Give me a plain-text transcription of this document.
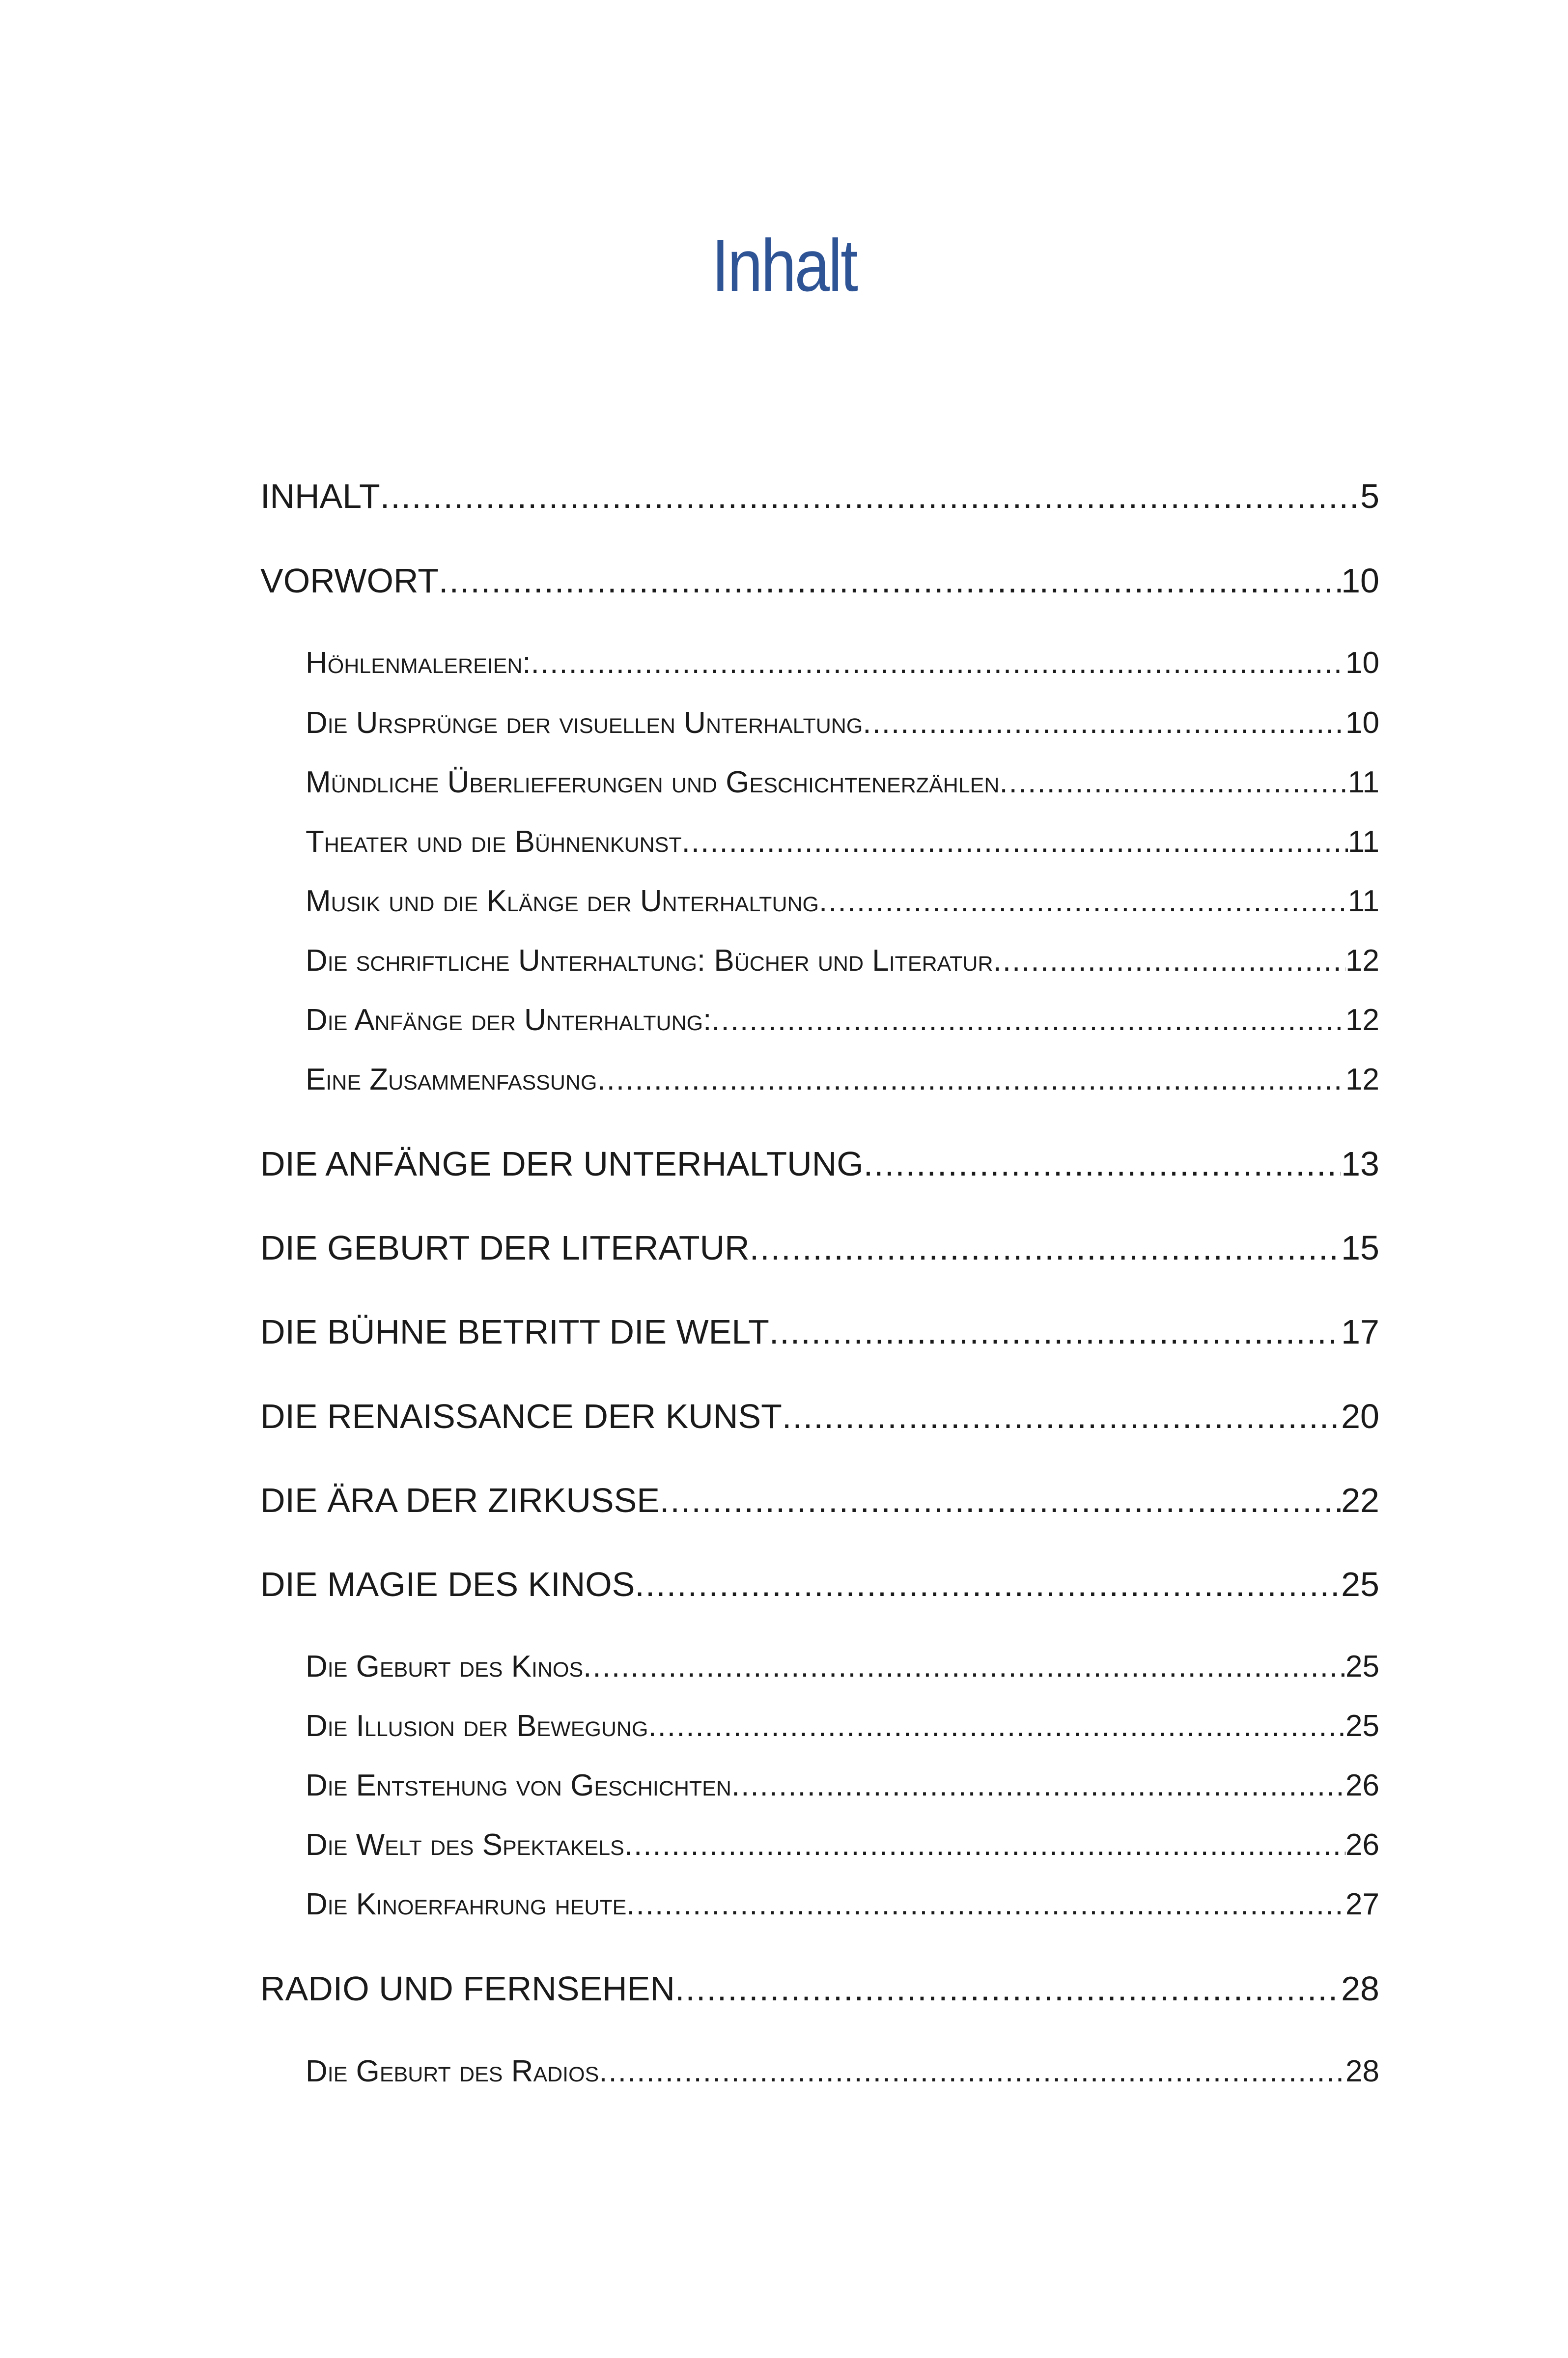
Inhalt
INHALT .....	5
VORWORT .....	10
Höhlenmalereien: .....	10
Die Ursprünge der visuellen Unterhaltung .....	10
Mündliche Überlieferungen und Geschichtenerzählen .....	11
Theater und die Bühnenkunst .....	11
Musik und die Klänge der Unterhaltung .....	11
Die schriftliche Unterhaltung: Bücher und Literatur .....	12
Die Anfänge der Unterhaltung: .....	12
Eine Zusammenfassung .....	12
DIE ANFÄNGE DER UNTERHALTUNG .....	13
DIE GEBURT DER LITERATUR .....	15
DIE BÜHNE BETRITT DIE WELT .....	17
DIE RENAISSANCE DER KUNST .....	20
DIE ÄRA DER ZIRKUSSE .....	22
DIE MAGIE DES KINOS .....	25
Die Geburt des Kinos .....	25
Die Illusion der Bewegung .....	25
Die Entstehung von Geschichten .....	26
Die Welt des Spektakels .....	26
Die Kinoerfahrung heute .....	27
RADIO UND FERNSEHEN .....	28
Die Geburt des Radios .....	28
